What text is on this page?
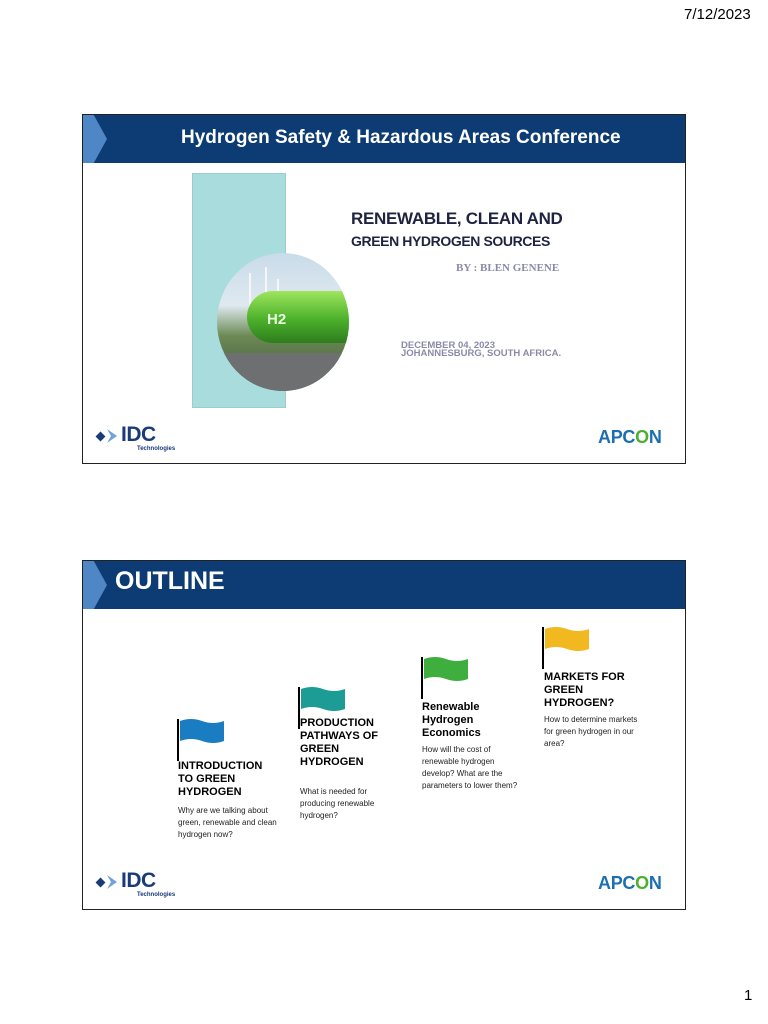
7/12/2023
Hydrogen Safety & Hazardous Areas Conference
H2
RENEWABLE, CLEAN AND
GREEN HYDROGEN SOURCES
BY : BLEN GENENE
DECEMBER 04, 2023
JOHANNESBURG, SOUTH AFRICA.
IDC
Technologies
APCON
OUTLINE
INTRODUCTION TO GREEN HYDROGEN
Why are we talking about green, renewable and clean hydrogen now?
PRODUCTION PATHWAYS OF GREEN HYDROGEN
What is needed for producing renewable hydrogen?
Renewable Hydrogen Economics
How will the cost of renewable hydrogen develop? What are the parameters to lower them?
MARKETS FOR GREEN HYDROGEN?
How to determine markets for green hydrogen in our area?
IDC
Technologies
APCON
1
